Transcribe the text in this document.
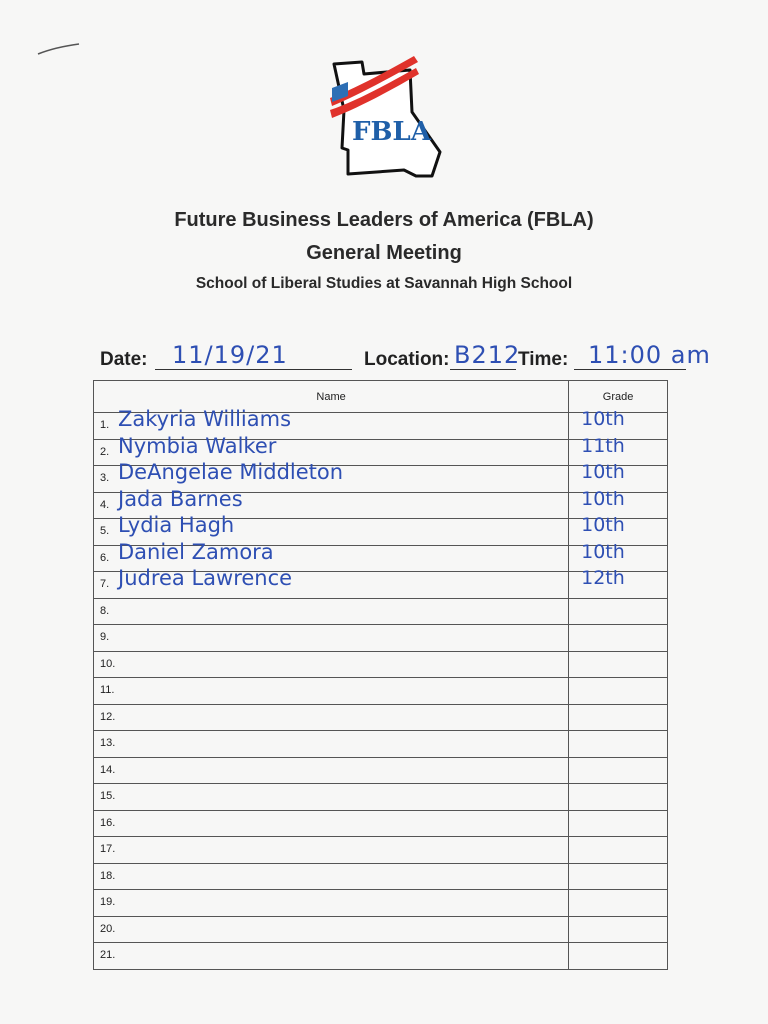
FBLA
Future Business Leaders of America (FBLA)
General Meeting
School of Liberal Studies at Savannah High School
Date: 11/19/21	Location: B212
Time: 11:00 am
Name	Grade

1. Zakyria Williams	10th

2. Nymbia Walker	11th

3. DeAngelae Middleton	10th

4. Jada Barnes	10th

5. Lydia Hagh	10th

6. Daniel Zamora	10th

7. Judrea Lawrence	12th

8.	

9.	

10.	

11.	

12.	

13.	

14.	

15.	

16.	

17.	

18.	

19.	

20.	

21.	
